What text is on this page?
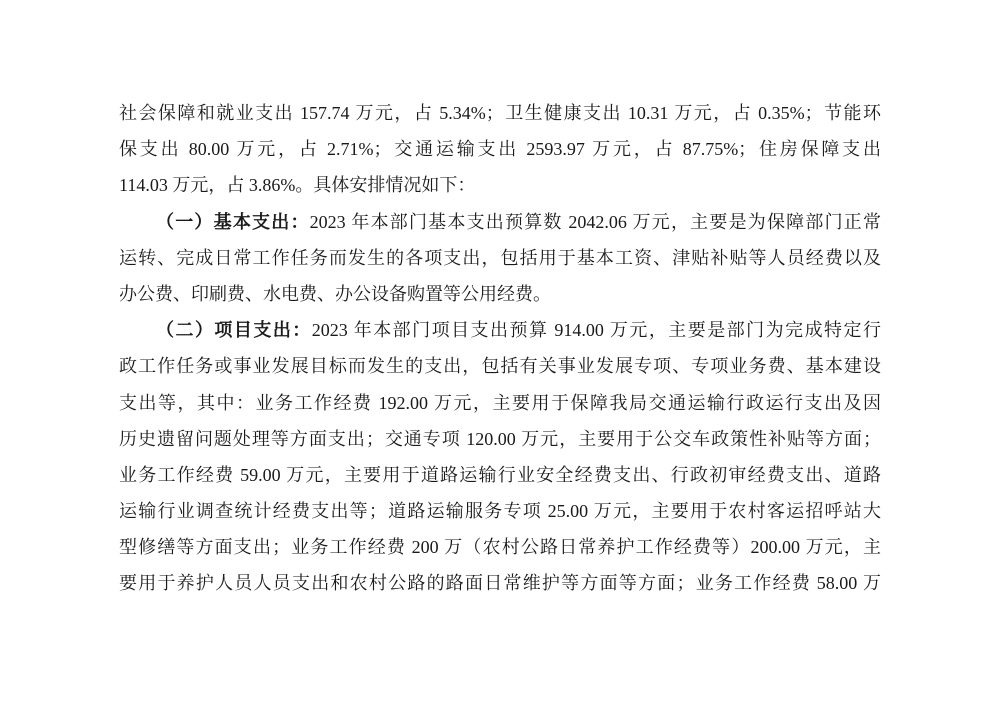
社会保障和就业支出 157.74 万元，占 5.34%；卫生健康支出 10.31 万元，占 0.35%；节能环
保支出 80.00 万元，占 2.71%；交通运输支出 2593.97 万元，占 87.75%；住房保障支出
114.03 万元，占 3.86%。具体安排情况如下：
（一）基本支出：2023 年本部门基本支出预算数 2042.06 万元，主要是为保障部门正常
运转、完成日常工作任务而发生的各项支出，包括用于基本工资、津贴补贴等人员经费以及
办公费、印刷费、水电费、办公设备购置等公用经费。
（二）项目支出：2023 年本部门项目支出预算 914.00 万元，主要是部门为完成特定行
政工作任务或事业发展目标而发生的支出，包括有关事业发展专项、专项业务费、基本建设
支出等，其中：业务工作经费 192.00 万元，主要用于保障我局交通运输行政运行支出及因
历史遗留问题处理等方面支出；交通专项 120.00 万元，主要用于公交车政策性补贴等方面；
业务工作经费 59.00 万元，主要用于道路运输行业安全经费支出、行政初审经费支出、道路
运输行业调查统计经费支出等；道路运输服务专项 25.00 万元，主要用于农村客运招呼站大
型修缮等方面支出；业务工作经费 200 万（农村公路日常养护工作经费等）200.00 万元，主
要用于养护人员人员支出和农村公路的路面日常维护等方面等方面；业务工作经费 58.00 万
